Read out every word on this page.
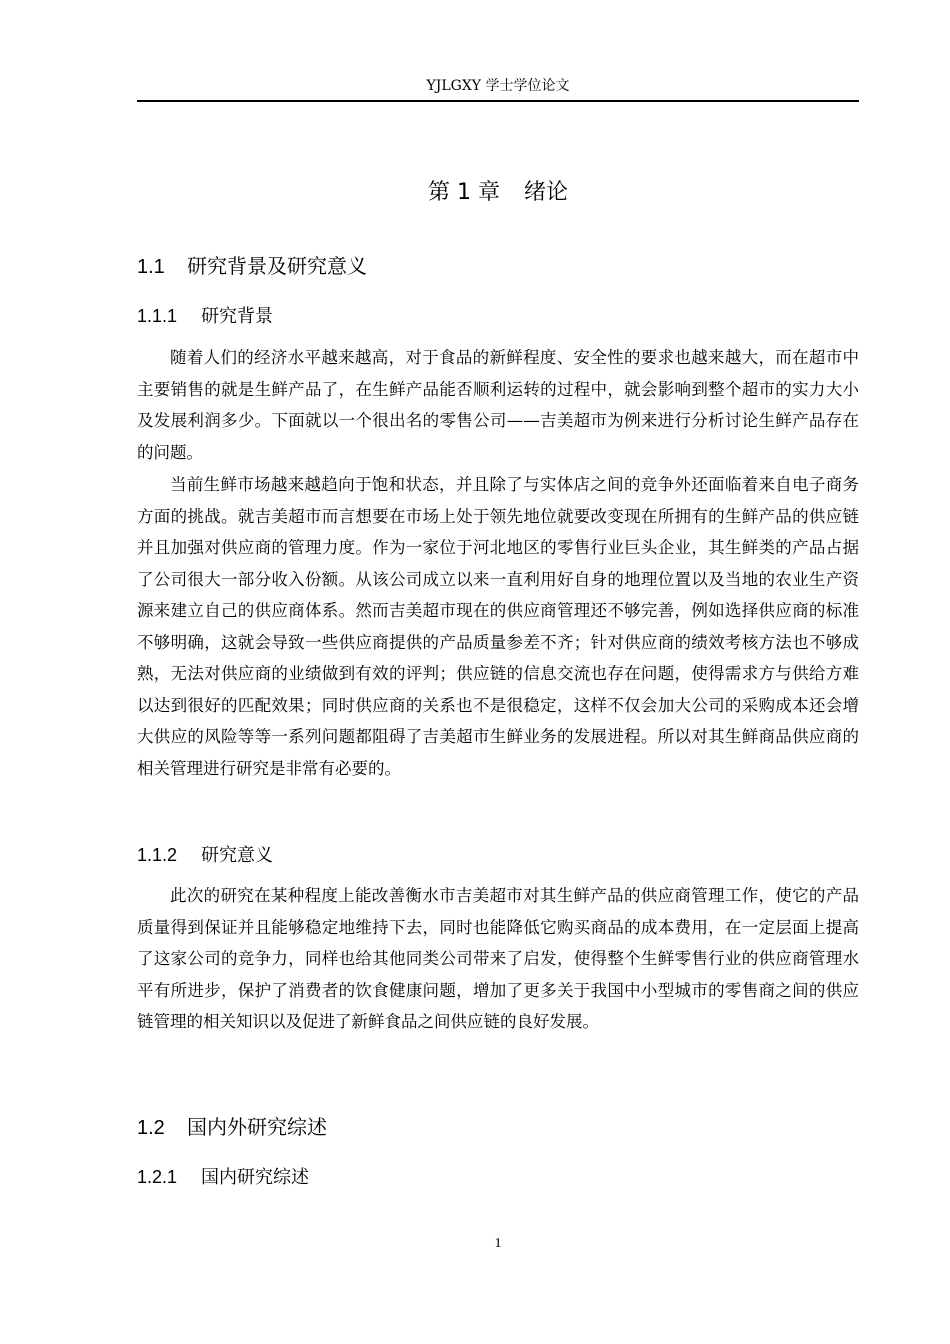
YJLGXY 学士学位论文
第 1 章 绪论
1.1 研究背景及研究意义
1.1.1 研究背景

随着人们的经济水平越来越高，对于食品的新鲜程度、安全性的要求也越来越大，而在超市中主要销售的就是生鲜产品了，在生鲜产品能否顺利运转的过程中，就会影响到整个超市的实力大小及发展利润多少。下面就以一个很出名的零售公司——吉美超市为例来进行分析讨论生鲜产品存在的问题。

当前生鲜市场越来越趋向于饱和状态，并且除了与实体店之间的竞争外还面临着来自电子商务方面的挑战。就吉美超市而言想要在市场上处于领先地位就要改变现在所拥有的生鲜产品的供应链并且加强对供应商的管理力度。作为一家位于河北地区的零售行业巨头企业，其生鲜类的产品占据了公司很大一部分收入份额。从该公司成立以来一直利用好自身的地理位置以及当地的农业生产资源来建立自己的供应商体系。然而吉美超市现在的供应商管理还不够完善，例如选择供应商的标准不够明确，这就会导致一些供应商提供的产品质量参差不齐；针对供应商的绩效考核方法也不够成熟，无法对供应商的业绩做到有效的评判；供应链的信息交流也存在问题，使得需求方与供给方难以达到很好的匹配效果；同时供应商的关系也不是很稳定，这样不仅会加大公司的采购成本还会增大供应的风险等等一系列问题都阻碍了吉美超市生鲜业务的发展进程。所以对其生鲜商品供应商的相关管理进行研究是非常有必要的。

1.1.2 研究意义

此次的研究在某种程度上能改善衡水市吉美超市对其生鲜产品的供应商管理工作，使它的产品质量得到保证并且能够稳定地维持下去，同时也能降低它购买商品的成本费用，在一定层面上提高了这家公司的竞争力，同样也给其他同类公司带来了启发，使得整个生鲜零售行业的供应商管理水平有所进步，保护了消费者的饮食健康问题，增加了更多关于我国中小型城市的零售商之间的供应链管理的相关知识以及促进了新鲜食品之间供应链的良好发展。

1.2 国内外研究综述
1.2.1 国内研究综述
1
